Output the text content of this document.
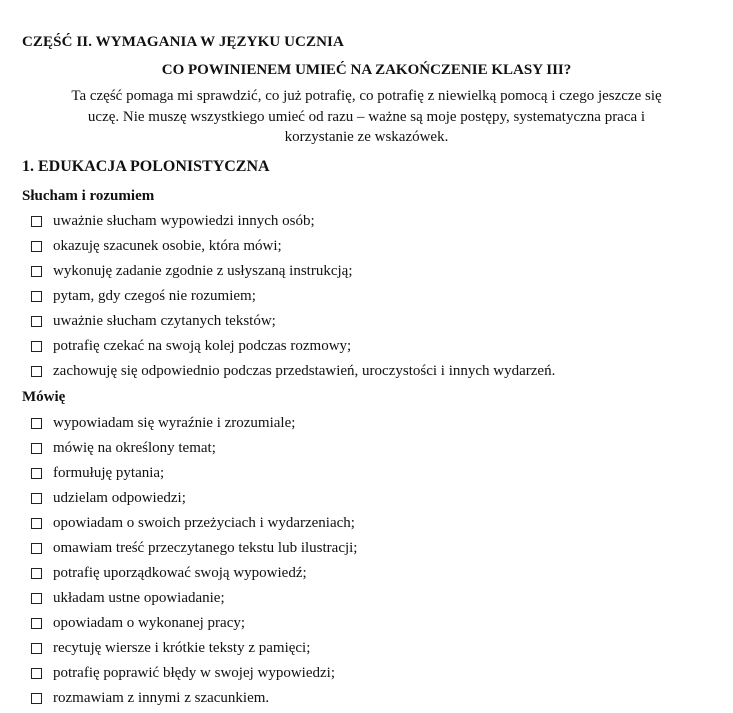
CZĘŚĆ II. WYMAGANIA W JĘZYKU UCZNIA
CO POWINIENEM UMIEĆ NA ZAKOŃCZENIE KLASY III?
Ta część pomaga mi sprawdzić, co już potrafię, co potrafię z niewielką pomocą i czego jeszcze się
uczę. Nie muszę wszystkiego umieć od razu – ważne są moje postępy, systematyczna praca i
korzystanie ze wskazówek.
1. EDUKACJA POLONISTYCZNA
Słucham i rozumiem
uważnie słucham wypowiedzi innych osób;
okazuję szacunek osobie, która mówi;
wykonuję zadanie zgodnie z usłyszaną instrukcją;
pytam, gdy czegoś nie rozumiem;
uważnie słucham czytanych tekstów;
potrafię czekać na swoją kolej podczas rozmowy;
zachowuję się odpowiednio podczas przedstawień, uroczystości i innych wydarzeń.
Mówię
wypowiadam się wyraźnie i zrozumiale;
mówię na określony temat;
formułuję pytania;
udzielam odpowiedzi;
opowiadam o swoich przeżyciach i wydarzeniach;
omawiam treść przeczytanego tekstu lub ilustracji;
potrafię uporządkować swoją wypowiedź;
układam ustne opowiadanie;
opowiadam o wykonanej pracy;
recytuję wiersze i krótkie teksty z pamięci;
potrafię poprawić błędy w swojej wypowiedzi;
rozmawiam z innymi z szacunkiem.
